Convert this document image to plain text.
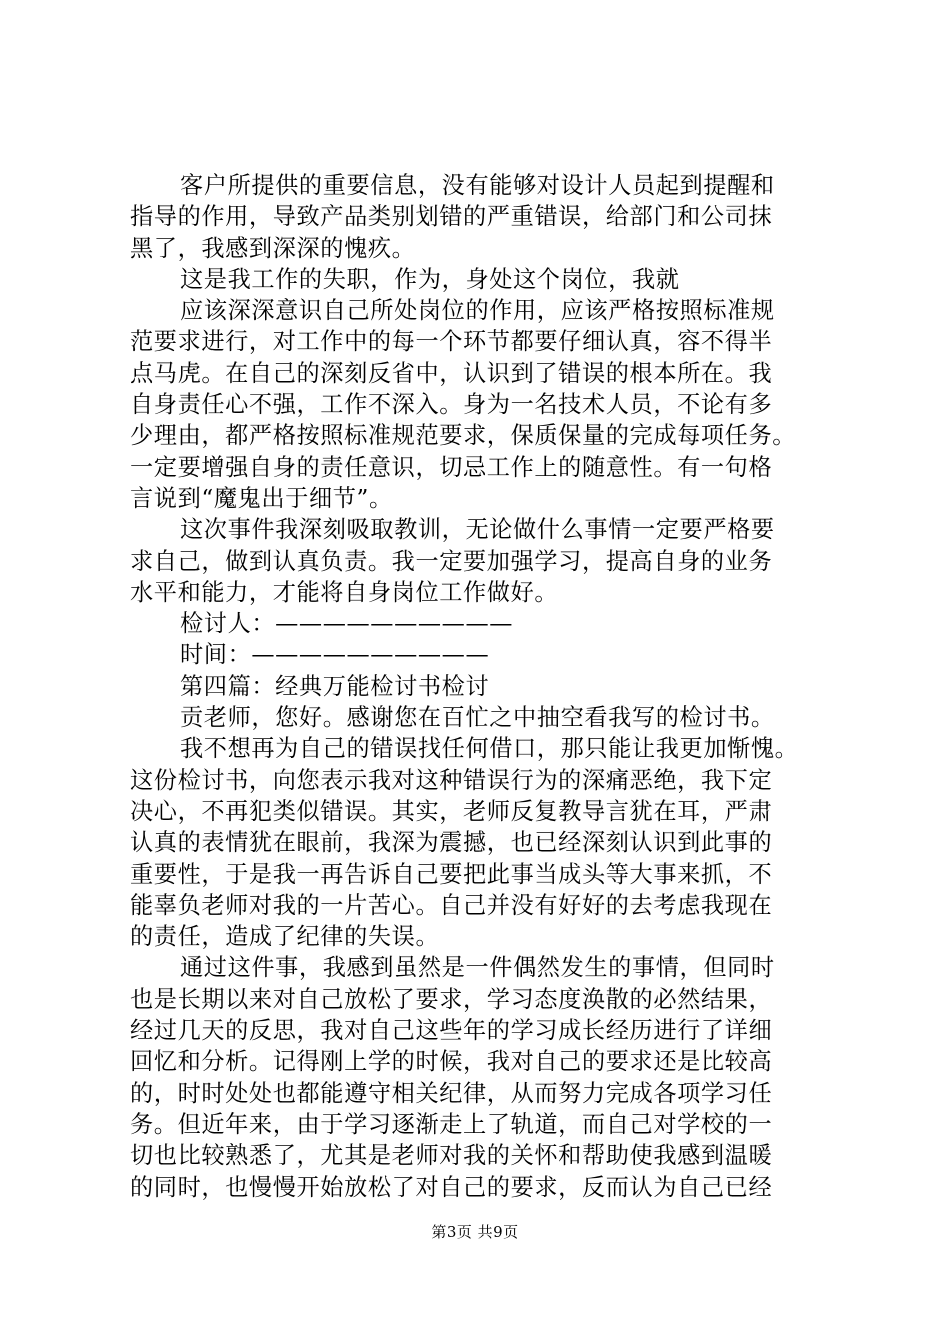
客户所提供的重要信息，没有能够对设计人员起到提醒和
指导的作用，导致产品类别划错的严重错误，给部门和公司抹
黑了，我感到深深的愧疚。
这是我工作的失职，作为，身处这个岗位，我就
应该深深意识自己所处岗位的作用，应该严格按照标准规
范要求进行，对工作中的每一个环节都要仔细认真，容不得半
点马虎。在自己的深刻反省中，认识到了错误的根本所在。我
自身责任心不强，工作不深入。身为一名技术人员，不论有多
少理由，都严格按照标准规范要求，保质保量的完成每项任务。
一定要增强自身的责任意识，切忌工作上的随意性。有一句格
言说到“魔鬼出于细节”。
这次事件我深刻吸取教训，无论做什么事情一定要严格要
求自己，做到认真负责。我一定要加强学习，提高自身的业务
水平和能力，才能将自身岗位工作做好。
检讨人：——————————
时间：——————————
第四篇：经典万能检讨书检讨
贡老师，您好。感谢您在百忙之中抽空看我写的检讨书。
我不想再为自己的错误找任何借口，那只能让我更加惭愧。
这份检讨书，向您表示我对这种错误行为的深痛恶绝，我下定
决心，不再犯类似错误。其实，老师反复教导言犹在耳，严肃
认真的表情犹在眼前，我深为震撼，也已经深刻认识到此事的
重要性，于是我一再告诉自己要把此事当成头等大事来抓，不
能辜负老师对我的一片苦心。自己并没有好好的去考虑我现在
的责任，造成了纪律的失误。
通过这件事，我感到虽然是一件偶然发生的事情，但同时
也是长期以来对自己放松了要求，学习态度涣散的必然结果，
经过几天的反思，我对自己这些年的学习成长经历进行了详细
回忆和分析。记得刚上学的时候，我对自己的要求还是比较高
的，时时处处也都能遵守相关纪律，从而努力完成各项学习任
务。但近年来，由于学习逐渐走上了轨道，而自己对学校的一
切也比较熟悉了，尤其是老师对我的关怀和帮助使我感到温暖
的同时，也慢慢开始放松了对自己的要求，反而认为自己已经
第3页 共9页
